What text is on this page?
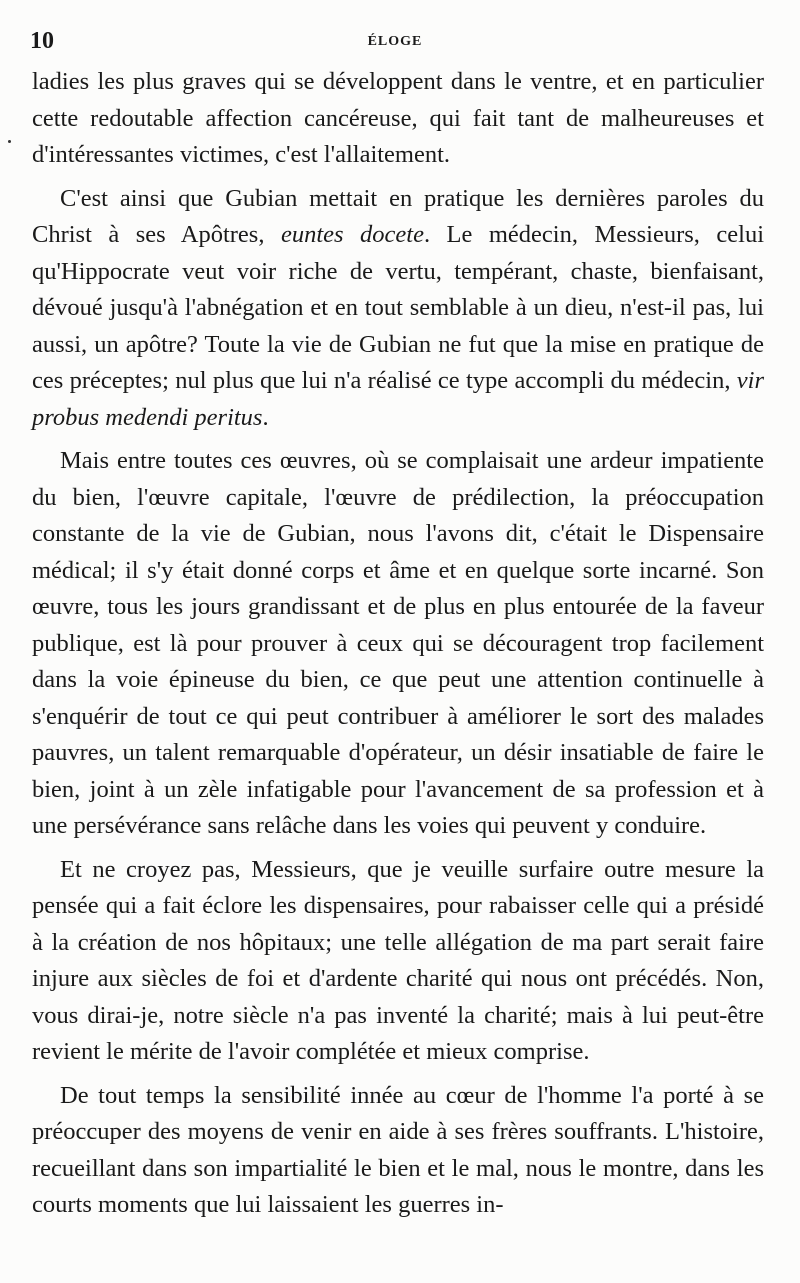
10	ÉLOGE

ladies les plus graves qui se développent dans le ventre, et en particulier cette redoutable affection cancéreuse, qui fait tant de malheureuses et d'intéressantes victimes, c'est l'allaitement.

C'est ainsi que Gubian mettait en pratique les dernières paroles du Christ à ses Apôtres, euntes docete. Le médecin, Messieurs, celui qu'Hippocrate veut voir riche de vertu, tempérant, chaste, bienfaisant, dévoué jusqu'à l'abnégation et en tout semblable à un dieu, n'est-il pas, lui aussi, un apôtre? Toute la vie de Gubian ne fut que la mise en pratique de ces préceptes; nul plus que lui n'a réalisé ce type accompli du médecin, vir probus medendi peritus.

Mais entre toutes ces œuvres, où se complaisait une ardeur impatiente du bien, l'œuvre capitale, l'œuvre de prédilection, la préoccupation constante de la vie de Gubian, nous l'avons dit, c'était le Dispensaire médical; il s'y était donné corps et âme et en quelque sorte incarné. Son œuvre, tous les jours grandissant et de plus en plus entourée de la faveur publique, est là pour prouver à ceux qui se découragent trop facilement dans la voie épineuse du bien, ce que peut une attention continuelle à s'enquérir de tout ce qui peut contribuer à améliorer le sort des malades pauvres, un talent remarquable d'opérateur, un désir insatiable de faire le bien, joint à un zèle infatigable pour l'avancement de sa profession et à une persévérance sans relâche dans les voies qui peuvent y conduire.

Et ne croyez pas, Messieurs, que je veuille surfaire outre mesure la pensée qui a fait éclore les dispensaires, pour rabaisser celle qui a présidé à la création de nos hôpitaux; une telle allégation de ma part serait faire injure aux siècles de foi et d'ardente charité qui nous ont précédés. Non, vous dirai-je, notre siècle n'a pas inventé la charité; mais à lui peut-être revient le mérite de l'avoir complétée et mieux comprise.

De tout temps la sensibilité innée au cœur de l'homme l'a porté à se préoccuper des moyens de venir en aide à ses frères souffrants. L'histoire, recueillant dans son impartialité le bien et le mal, nous le montre, dans les courts moments que lui laissaient les guerres in-
